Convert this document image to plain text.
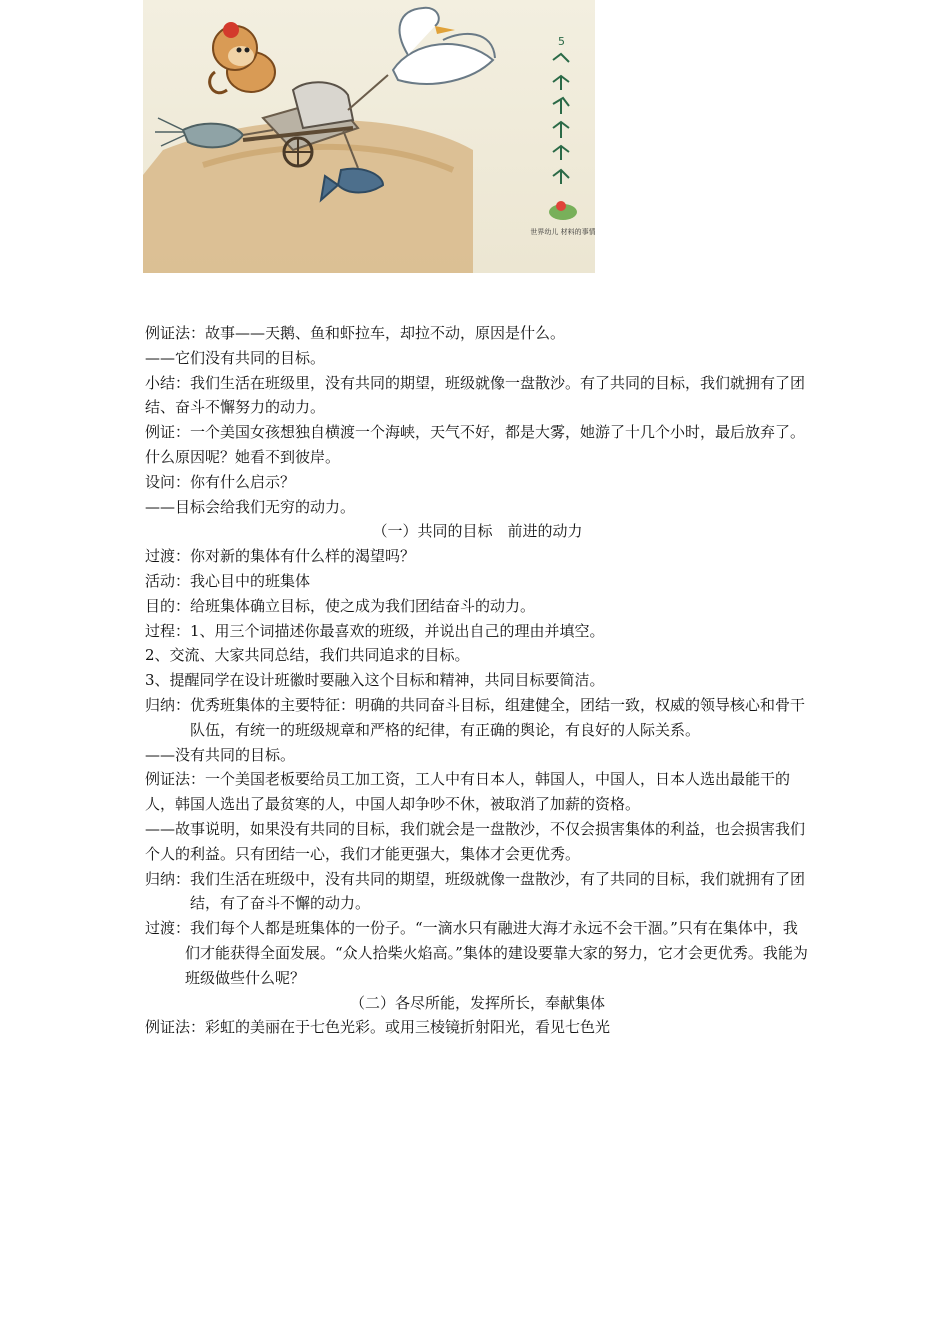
5
世界幼儿 材料的事情

例证法：故事——天鹅、鱼和虾拉车，却拉不动，原因是什么。

——它们没有共同的目标。

小结：我们生活在班级里，没有共同的期望，班级就像一盘散沙。有了共同的目标，我们就拥有了团结、奋斗不懈努力的动力。

例证：一个美国女孩想独自横渡一个海峡，天气不好，都是大雾，她游了十几个小时，最后放弃了。什么原因呢？她看不到彼岸。

设问：你有什么启示？

——目标会给我们无穷的动力。

（一）共同的目标　前进的动力

过渡：你对新的集体有什么样的渴望吗？

活动：我心目中的班集体

目的：给班集体确立目标，使之成为我们团结奋斗的动力。

过程：1、用三个词描述你最喜欢的班级，并说出自己的理由并填空。

2、交流、大家共同总结，我们共同追求的目标。

3、提醒同学在设计班徽时要融入这个目标和精神，共同目标要简洁。

归纳：优秀班集体的主要特征：明确的共同奋斗目标，组建健全，团结一致，权威的领导核心和骨干队伍，有统一的班级规章和严格的纪律，有正确的舆论，有良好的人际关系。

——没有共同的目标。

例证法：一个美国老板要给员工加工资，工人中有日本人，韩国人，中国人，日本人选出最能干的人，韩国人选出了最贫寒的人，中国人却争吵不休，被取消了加薪的资格。

——故事说明，如果没有共同的目标，我们就会是一盘散沙，不仅会损害集体的利益，也会损害我们个人的利益。只有团结一心，我们才能更强大，集体才会更优秀。

归纳：我们生活在班级中，没有共同的期望，班级就像一盘散沙，有了共同的目标，我们就拥有了团结，有了奋斗不懈的动力。

过渡：我们每个人都是班集体的一份子。“一滴水只有融进大海才永远不会干涸。”只有在集体中，我们才能获得全面发展。“众人拾柴火焰高。”集体的建设要靠大家的努力，它才会更优秀。我能为班级做些什么呢？

（二）各尽所能，发挥所长，奉献集体

例证法：彩虹的美丽在于七色光彩。或用三棱镜折射阳光，看见七色光
